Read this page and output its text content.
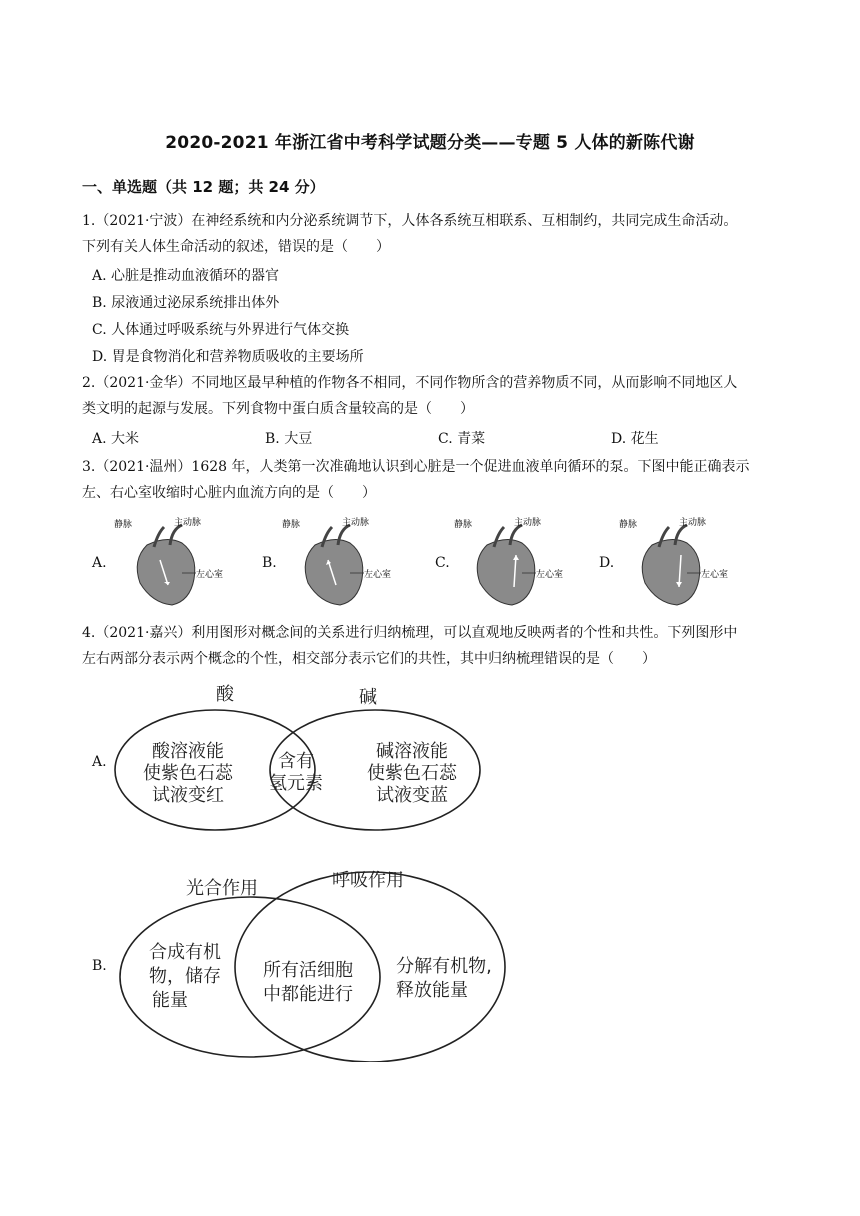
2020-2021 年浙江省中考科学试题分类——专题 5 人体的新陈代谢
一、单选题（共 12 题；共 24 分）
1.（2021·宁波）在神经系统和内分泌系统调节下，人体各系统互相联系、互相制约，共同完成生命活动。
下列有关人体生命活动的叙述，错误的是（　　）
A. 心脏是推动血液循环的器官
B. 尿液通过泌尿系统排出体外
C. 人体通过呼吸系统与外界进行气体交换
D. 胃是食物消化和营养物质吸收的主要场所
2.（2021·金华）不同地区最早种植的作物各不相同，不同作物所含的营养物质不同，从而影响不同地区人
类文明的起源与发展。下列食物中蛋白质含量较高的是（　　）
A. 大米	B. 大豆	C. 青菜	D. 花生
3.（2021·温州）1628 年，人类第一次准确地认识到心脏是一个促进血液单向循环的泵。下图中能正确表示
左、右心室收缩时心脏内血流方向的是（　　）
A.
静脉	主动脉
左心室
B.
静脉	主动脉
左心室
C.
静脉	主动脉
左心室
D.
静脉	主动脉
左心室
4.（2021·嘉兴）利用图形对概念间的关系进行归纳梳理，可以直观地反映两者的个性和共性。下列图形中
左右两部分表示两个概念的个性，相交部分表示它们的共性，其中归纳梳理错误的是（　　）
A.
酸	碱
酸溶液能
使紫色石蕊
试液变红
含有
氢元素
碱溶液能
使紫色石蕊
试液变蓝
B.
光合作用	呼吸作用
合成有机
物，储存
能量
所有活细胞
中都能进行
分解有机物,
释放能量
